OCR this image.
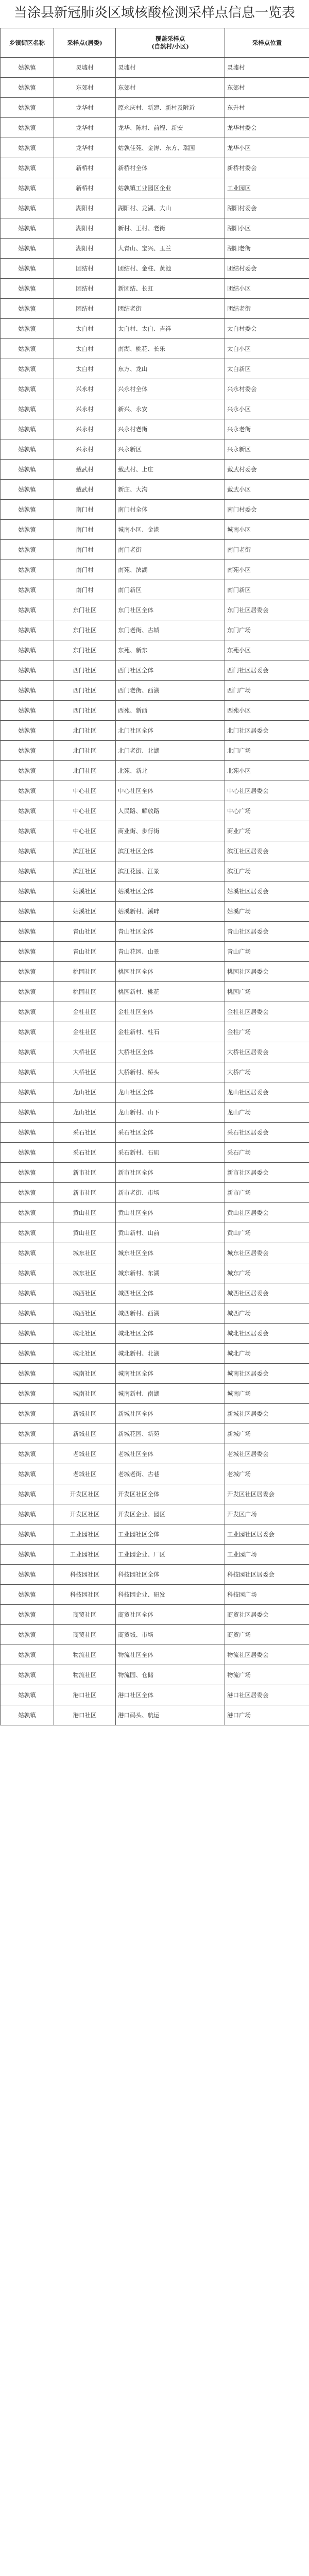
当涂县新冠肺炎区域核酸检测采样点信息一览表
乡镇街区名称	采样点(居委)	覆盖采样点
(自然村/小区)	采样点位置
姑孰镇	灵墟村	灵墟村	灵墟村
姑孰镇	东郊村	东郊村	东郊村
姑孰镇	龙华村	原永庆村、新建、新村及附近	东升村
姑孰镇	龙华村	龙华、陈村、前程、新安	龙华村委会
姑孰镇	龙华村	姑孰佳苑、金涛、东方、瑞园	龙华小区
姑孰镇	新桥村	新桥村全体	新桥村委会
姑孰镇	新桥村	姑孰镇工业园区企业	工业园区
姑孰镇	湖阳村	湖阳村、龙湖、大山	湖阳村委会
姑孰镇	湖阳村	新村、王村、老街	湖阳小区
姑孰镇	湖阳村	大青山、宝兴、玉兰	湖阳老街
姑孰镇	团结村	团结村、金柱、黄池	团结村委会
姑孰镇	团结村	新团结、长虹	团结小区
姑孰镇	团结村	团结老街	团结老街
姑孰镇	太白村	太白村、太白、吉祥	太白村委会
姑孰镇	太白村	南湖、桃花、长乐	太白小区
姑孰镇	太白村	东方、龙山	太白新区
姑孰镇	兴永村	兴永村全体	兴永村委会
姑孰镇	兴永村	新兴、永安	兴永小区
姑孰镇	兴永村	兴永村老街	兴永老街
姑孰镇	兴永村	兴永新区	兴永新区
姑孰镇	戴武村	戴武村、上庄	戴武村委会
姑孰镇	戴武村	新庄、大沟	戴武小区
姑孰镇	南门村	南门村全体	南门村委会
姑孰镇	南门村	城南小区、金港	城南小区
姑孰镇	南门村	南门老街	南门老街
姑孰镇	南门村	南苑、滨湖	南苑小区
姑孰镇	南门村	南门新区	南门新区
姑孰镇	东门社区	东门社区全体	东门社区居委会
姑孰镇	东门社区	东门老街、古城	东门广场
姑孰镇	东门社区	东苑、新东	东苑小区
姑孰镇	西门社区	西门社区全体	西门社区居委会
姑孰镇	西门社区	西门老街、西湖	西门广场
姑孰镇	西门社区	西苑、新西	西苑小区
姑孰镇	北门社区	北门社区全体	北门社区居委会
姑孰镇	北门社区	北门老街、北湖	北门广场
姑孰镇	北门社区	北苑、新北	北苑小区
姑孰镇	中心社区	中心社区全体	中心社区居委会
姑孰镇	中心社区	人民路、解放路	中心广场
姑孰镇	中心社区	商业街、步行街	商业广场
姑孰镇	滨江社区	滨江社区全体	滨江社区居委会
姑孰镇	滨江社区	滨江花园、江景	滨江广场
姑孰镇	姑溪社区	姑溪社区全体	姑溪社区居委会
姑孰镇	姑溪社区	姑溪新村、溪畔	姑溪广场
姑孰镇	青山社区	青山社区全体	青山社区居委会
姑孰镇	青山社区	青山花园、山景	青山广场
姑孰镇	桃园社区	桃园社区全体	桃园社区居委会
姑孰镇	桃园社区	桃园新村、桃花	桃园广场
姑孰镇	金柱社区	金柱社区全体	金柱社区居委会
姑孰镇	金柱社区	金柱新村、柱石	金柱广场
姑孰镇	大桥社区	大桥社区全体	大桥社区居委会
姑孰镇	大桥社区	大桥新村、桥头	大桥广场
姑孰镇	龙山社区	龙山社区全体	龙山社区居委会
姑孰镇	龙山社区	龙山新村、山下	龙山广场
姑孰镇	采石社区	采石社区全体	采石社区居委会
姑孰镇	采石社区	采石新村、石矶	采石广场
姑孰镇	新市社区	新市社区全体	新市社区居委会
姑孰镇	新市社区	新市老街、市场	新市广场
姑孰镇	黄山社区	黄山社区全体	黄山社区居委会
姑孰镇	黄山社区	黄山新村、山前	黄山广场
姑孰镇	城东社区	城东社区全体	城东社区居委会
姑孰镇	城东社区	城东新村、东湖	城东广场
姑孰镇	城西社区	城西社区全体	城西社区居委会
姑孰镇	城西社区	城西新村、西湖	城西广场
姑孰镇	城北社区	城北社区全体	城北社区居委会
姑孰镇	城北社区	城北新村、北湖	城北广场
姑孰镇	城南社区	城南社区全体	城南社区居委会
姑孰镇	城南社区	城南新村、南湖	城南广场
姑孰镇	新城社区	新城社区全体	新城社区居委会
姑孰镇	新城社区	新城花园、新苑	新城广场
姑孰镇	老城社区	老城社区全体	老城社区居委会
姑孰镇	老城社区	老城老街、古巷	老城广场
姑孰镇	开发区社区	开发区社区全体	开发区社区居委会
姑孰镇	开发区社区	开发区企业、园区	开发区广场
姑孰镇	工业园社区	工业园社区全体	工业园社区居委会
姑孰镇	工业园社区	工业园企业、厂区	工业园广场
姑孰镇	科技园社区	科技园社区全体	科技园社区居委会
姑孰镇	科技园社区	科技园企业、研发	科技园广场
姑孰镇	商贸社区	商贸社区全体	商贸社区居委会
姑孰镇	商贸社区	商贸城、市场	商贸广场
姑孰镇	物流社区	物流社区全体	物流社区居委会
姑孰镇	物流社区	物流园、仓储	物流广场
姑孰镇	港口社区	港口社区全体	港口社区居委会
姑孰镇	港口社区	港口码头、航运	港口广场
